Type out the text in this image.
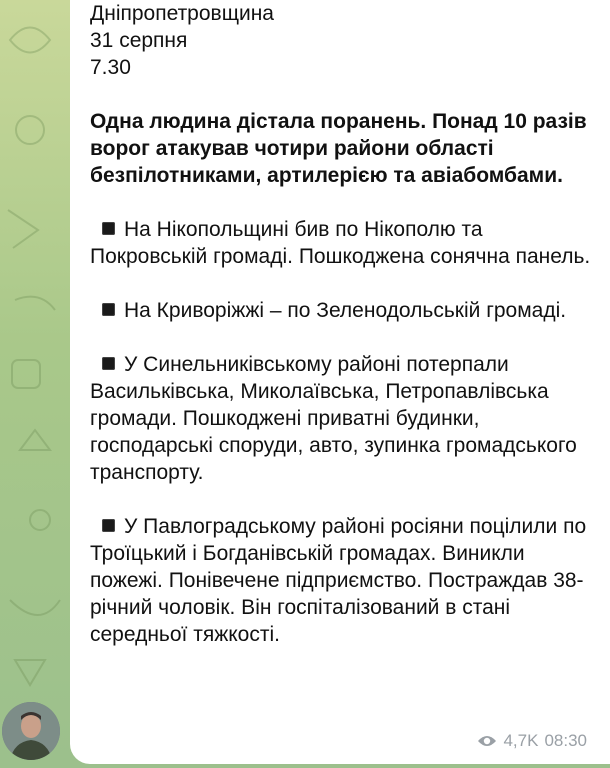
Дніпропетровщина

31 серпня

7.30

Одна людина дістала поранень. Понад 10 разів ворог атакував чотири райони області безпілотниками, артилерією та авіабомбами.

На Нікопольщині бив по Нікополю та Покровській громаді. Пошкоджена сонячна панель.

На Криворіжжі – по Зеленодольській громаді.

У Синельниківському районі потерпали Васильківська, Миколаївська, Петропавлівська громади. Пошкоджені приватні будинки, господарські споруди, авто, зупинка громадського транспорту.

У Павлоградському районі росіяни поцілили по Троїцький і Богданівській громадах. Виникли пожежі. Понівечене підприємство. Постраждав 38-річний чоловік. Він госпіталізований в стані середньої тяжкості.

4,7K 08:30
